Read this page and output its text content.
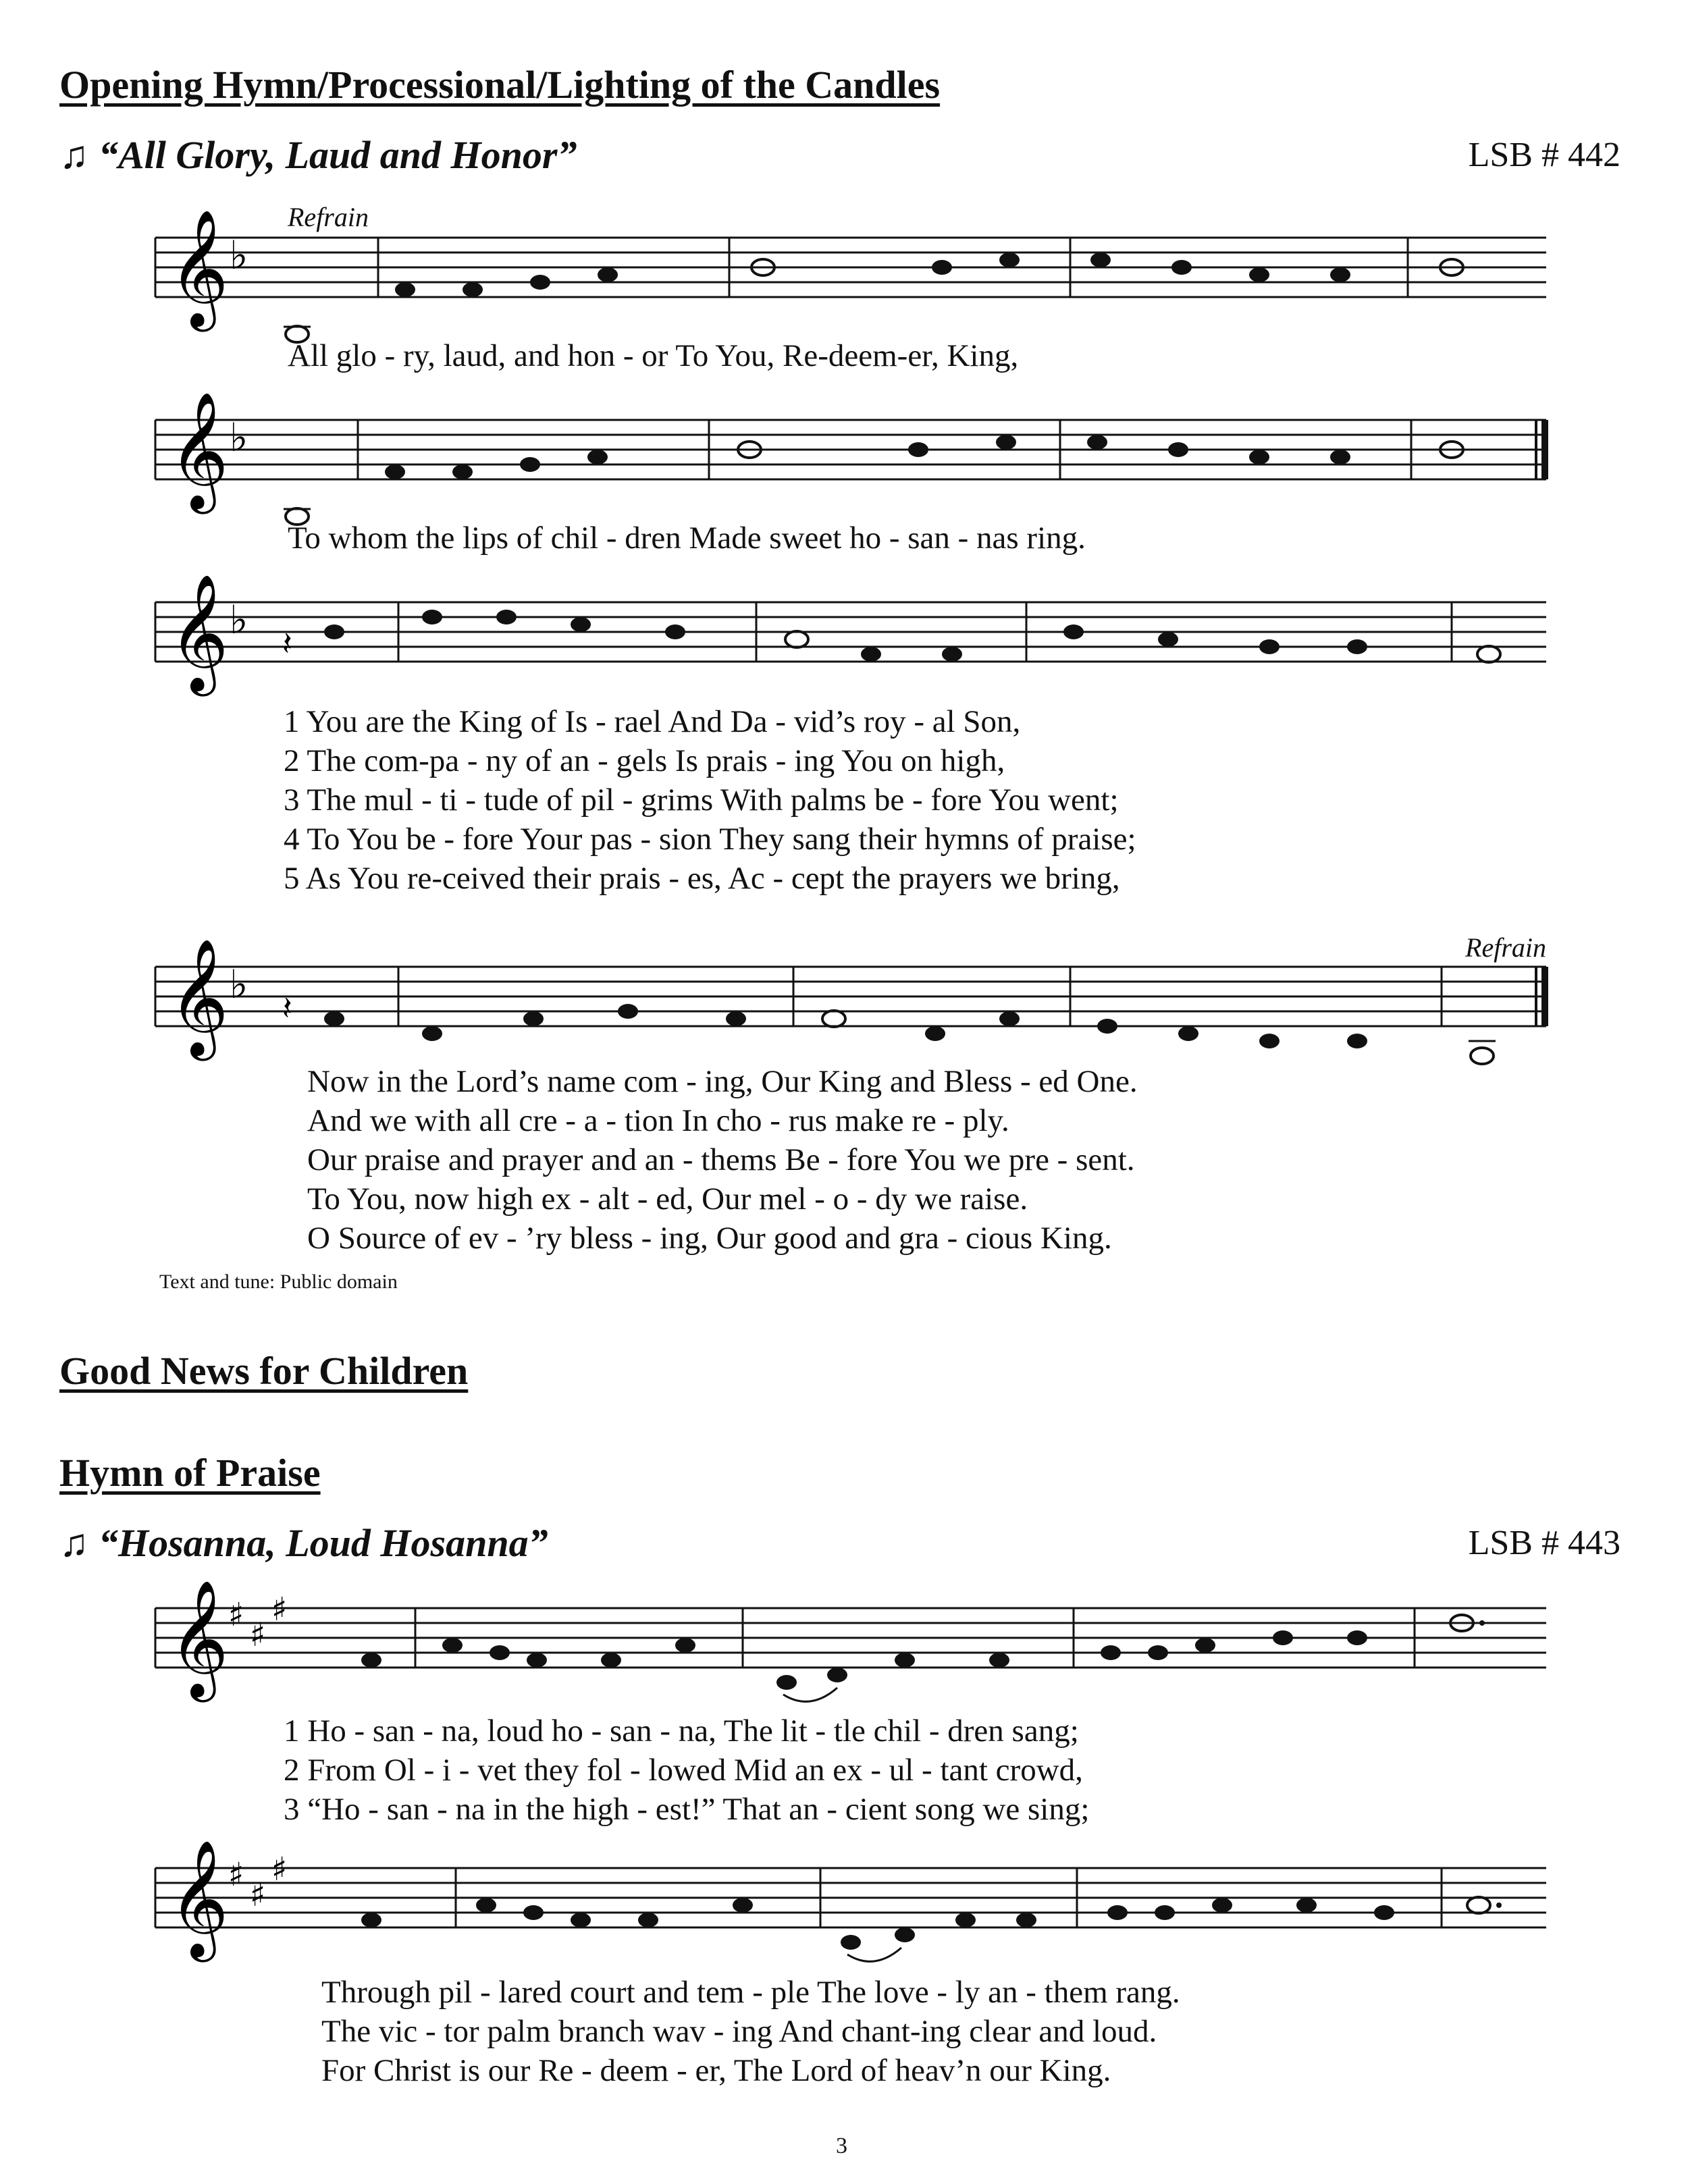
Opening Hymn/Processional/Lighting of the Candles
♫ “All Glory, Laud and Honor”	LSB # 442
Refrain
𝄞 ♭
All glo - ry, laud, and hon - or To You, Re-deem-er, King,
𝄞 ♭
To whom the lips of chil - dren Made sweet ho - san - nas ring.
𝄞 ♭
𝄽
1 You are the King of Is - rael And Da - vid’s roy - al Son,
2 The com-pa - ny of an - gels Is prais - ing You on high,
3 The mul - ti - tude of pil - grims With palms be - fore You went;
4 To You be - fore Your pas - sion They sang their hymns of praise;
5 As You re-ceived their prais - es, Ac - cept the prayers we bring,
Refrain
𝄞 ♭
𝄽
Now in the Lord’s name com - ing, Our King and Bless - ed One.
And we with all cre - a - tion In cho - rus make re - ply.
Our praise and prayer and an - thems Be - fore You we pre - sent.
To You, now high ex - alt - ed, Our mel - o - dy we raise.
O Source of ev - ’ry bless - ing, Our good and gra - cious King.
Text and tune: Public domain
Good News for Children
Hymn of Praise
♫ “Hosanna, Loud Hosanna”	LSB # 443
𝄞 ♯
♯
♯
1 Ho - san - na, loud ho - san - na, The lit - tle chil - dren sang;
2 From Ol - i - vet they fol - lowed Mid an ex - ul - tant crowd,
3 “Ho - san - na in the high - est!” That an - cient song we sing;
𝄞 ♯
♯
♯
Through pil - lared court and tem - ple The love - ly an - them rang.
The vic - tor palm branch wav - ing And chant-ing clear and loud.
For Christ is our Re - deem - er, The Lord of heav’n our King.
3
